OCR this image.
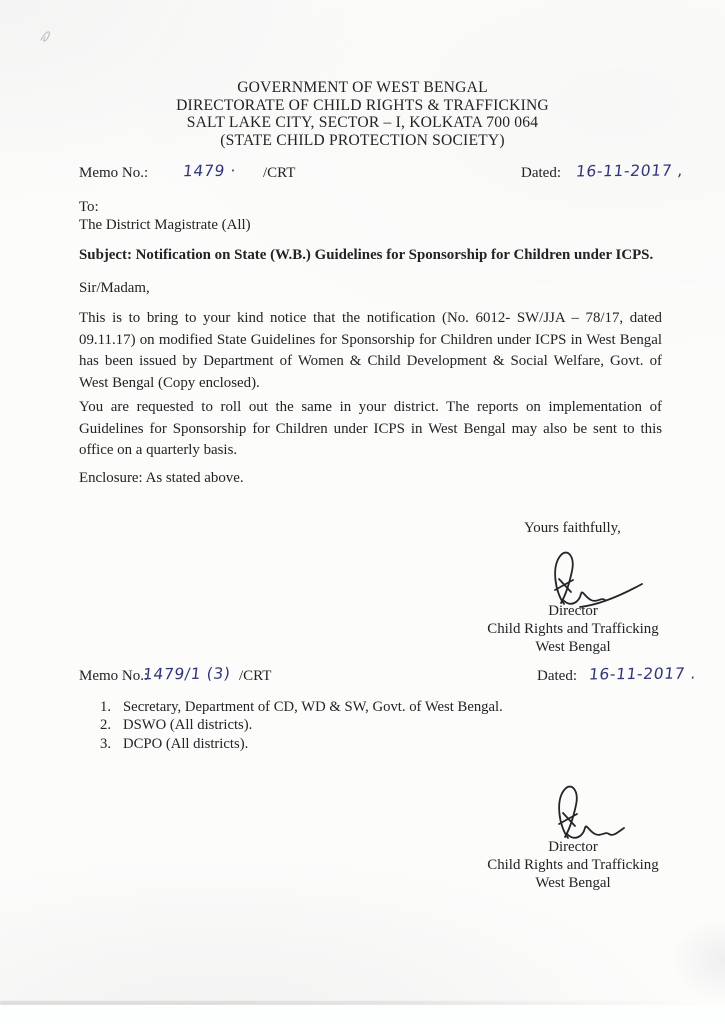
GOVERNMENT OF WEST BENGAL
DIRECTORATE OF CHILD RIGHTS & TRAFFICKING
SALT LAKE CITY, SECTOR – I, KOLKATA 700 064
(STATE CHILD PROTECTION SOCIETY)
Memo No.: 1479 · /CRT	Dated: 16-11-2017 ,
To:
The District Magistrate (All)
Subject: Notification on State (W.B.) Guidelines for Sponsorship for Children under ICPS.
Sir/Madam,
This is to bring to your kind notice that the notification (No. 6012- SW/JJA – 78/17, dated 09.11.17) on modified State Guidelines for Sponsorship for Children under ICPS in West Bengal has been issued by Department of Women & Child Development & Social Welfare, Govt. of West Bengal (Copy enclosed).
You are requested to roll out the same in your district. The reports on implementation of Guidelines for Sponsorship for Children under ICPS in West Bengal may also be sent to this office on a quarterly basis.
Enclosure: As stated above.
Yours faithfully,
Director
Child Rights and Trafficking
West Bengal
Memo No.:
1479/1 (3) /CRT	Dated: 16-11-2017 .
1. Secretary, Department of CD, WD & SW, Govt. of West Bengal.
2. DSWO (All districts).
3. DCPO (All districts).
Director
Child Rights and Trafficking
West Bengal
